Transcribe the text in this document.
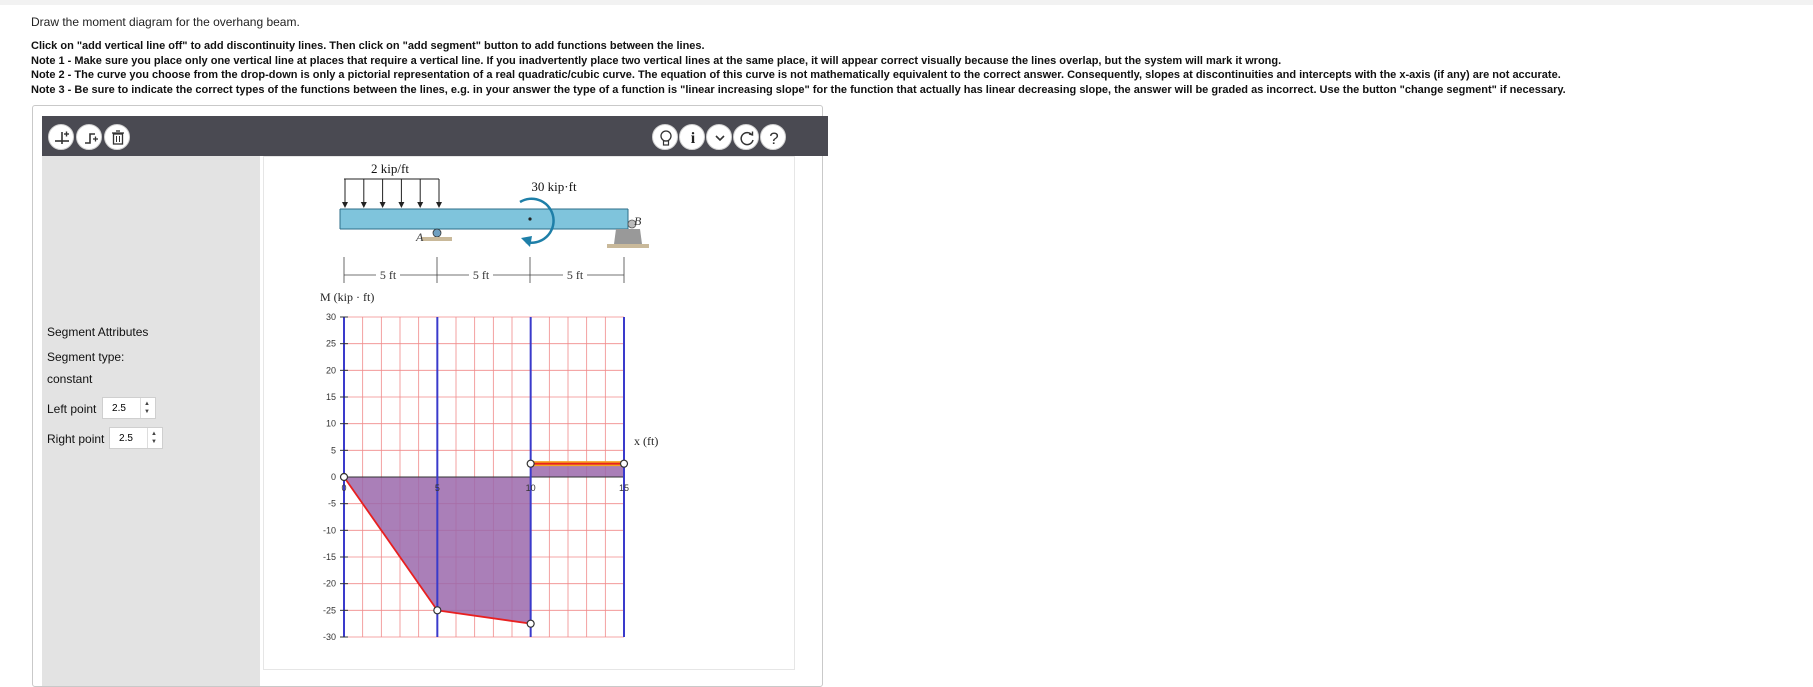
Draw the moment diagram for the overhang beam.
Click on "add vertical line off" to add discontinuity lines. Then click on "add segment" button to add functions between the lines.
Note 1 - Make sure you place only one vertical line at places that require a vertical line. If you inadvertently place two vertical lines at the same place, it will appear correct visually because the lines overlap, but the system will mark it wrong.
Note 2 - The curve you choose from the drop-down is only a pictorial representation of a real quadratic/cubic curve. The equation of this curve is not mathematically equivalent to the correct answer. Consequently, slopes at discontinuities and intercepts with the x-axis (if any) are not accurate.
Note 3 - Be sure to indicate the correct types of the functions between the lines, e.g. in your answer the type of a function is "linear increasing slope" for the function that actually has linear decreasing slope, the answer will be graded as incorrect. Use the button "change segment" if necessary.
i	?
Segment Attributes
Segment type:
constant
Left point
2.5	▲
▼
Right point
2.5	▲
▼
2 kip/ft
A
30 kip·ft
B
5 ft	5 ft	5 ft
M (kip · ft)
x (ft)
30
25
20
15
10
5
0
-5
-10
-15
-20
-25
-30
0	5	10	15
